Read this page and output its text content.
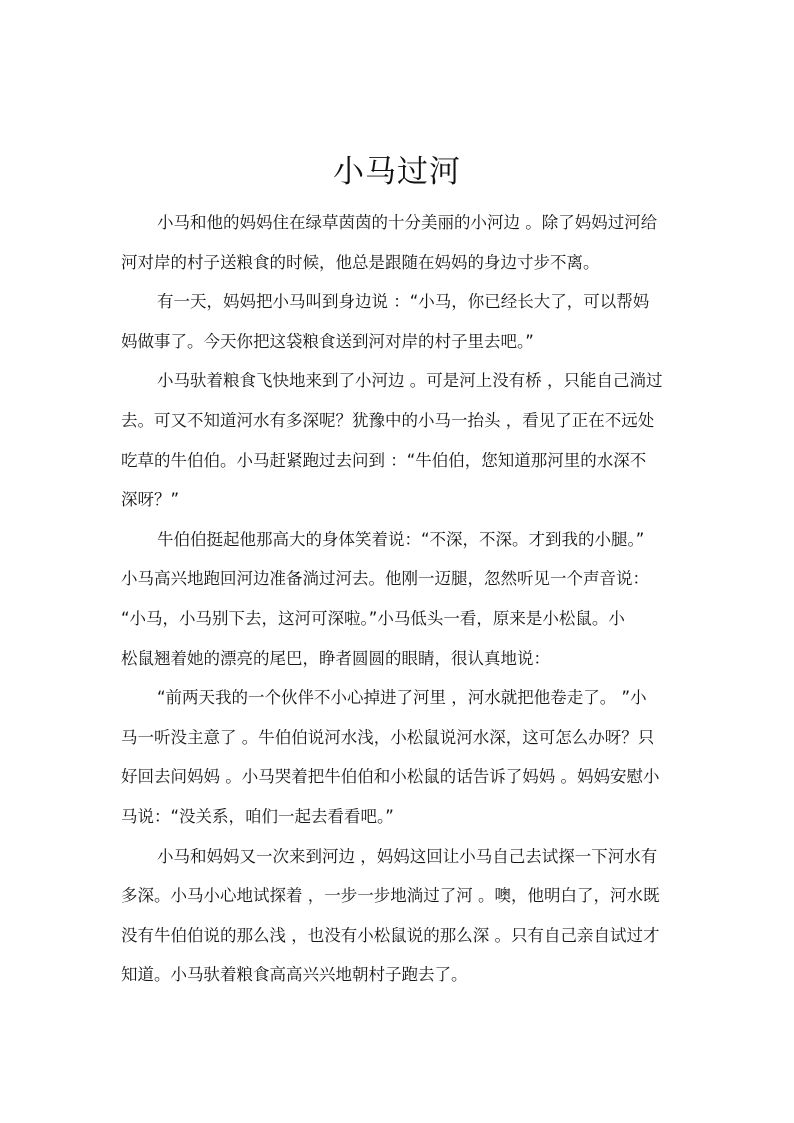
小马过河

小马和他的妈妈住在绿草茵茵的十分美丽的小河边 。除了妈妈过河给
河对岸的村子送粮食的时候，他总是跟随在妈妈的身边寸步不离。

有一天，妈妈把小马叫到身边说 ：“小马，你已经长大了，可以帮妈
妈做事了。今天你把这袋粮食送到河对岸的村子里去吧。”

小马驮着粮食飞快地来到了小河边 。可是河上没有桥 ，只能自己淌过
去。可又不知道河水有多深呢？犹豫中的小马一抬头 ，看见了正在不远处
吃草的牛伯伯。小马赶紧跑过去问到 ：“牛伯伯，您知道那河里的水深不
深呀？”

牛伯伯挺起他那高大的身体笑着说：“不深，不深。才到我的小腿。”
小马高兴地跑回河边准备淌过河去。他刚一迈腿，忽然听见一个声音说：
“小马，小马别下去，这河可深啦。”小马低头一看，原来是小松鼠。小
松鼠翘着她的漂亮的尾巴，睁者圆圆的眼睛，很认真地说：

“前两天我的一个伙伴不小心掉进了河里 ，河水就把他卷走了。 ”小
马一听没主意了 。牛伯伯说河水浅，小松鼠说河水深，这可怎么办呀？只
好回去问妈妈 。小马哭着把牛伯伯和小松鼠的话告诉了妈妈 。妈妈安慰小
马说：“没关系，咱们一起去看看吧。”

小马和妈妈又一次来到河边 ，妈妈这回让小马自己去试探一下河水有
多深。小马小心地试探着 ，一步一步地淌过了河 。噢，他明白了，河水既
没有牛伯伯说的那么浅 ，也没有小松鼠说的那么深 。只有自己亲自试过才
知道。小马驮着粮食高高兴兴地朝村子跑去了。
